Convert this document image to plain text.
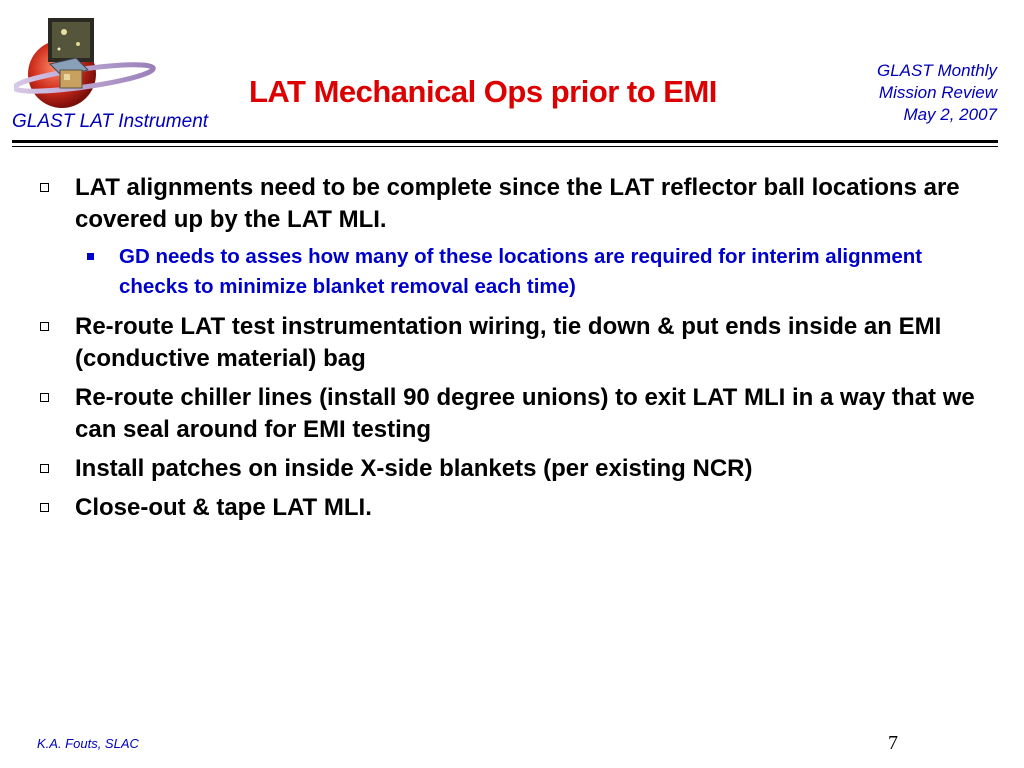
LAT Mechanical Ops prior to EMI
GLAST LAT Instrument
GLAST Monthly
Mission Review
May 2, 2007
LAT alignments need to be complete since the LAT reflector ball locations are covered up by the LAT MLI.
GD needs to asses how many of these locations are required for interim alignment checks to minimize blanket removal each time)
Re-route LAT test instrumentation wiring, tie down & put ends inside an EMI (conductive material) bag
Re-route chiller lines (install 90 degree unions) to exit LAT MLI in a way that we can seal around for EMI testing
Install patches on inside X-side blankets (per existing NCR)
Close-out & tape LAT MLI.
K.A. Fouts, SLAC	7
